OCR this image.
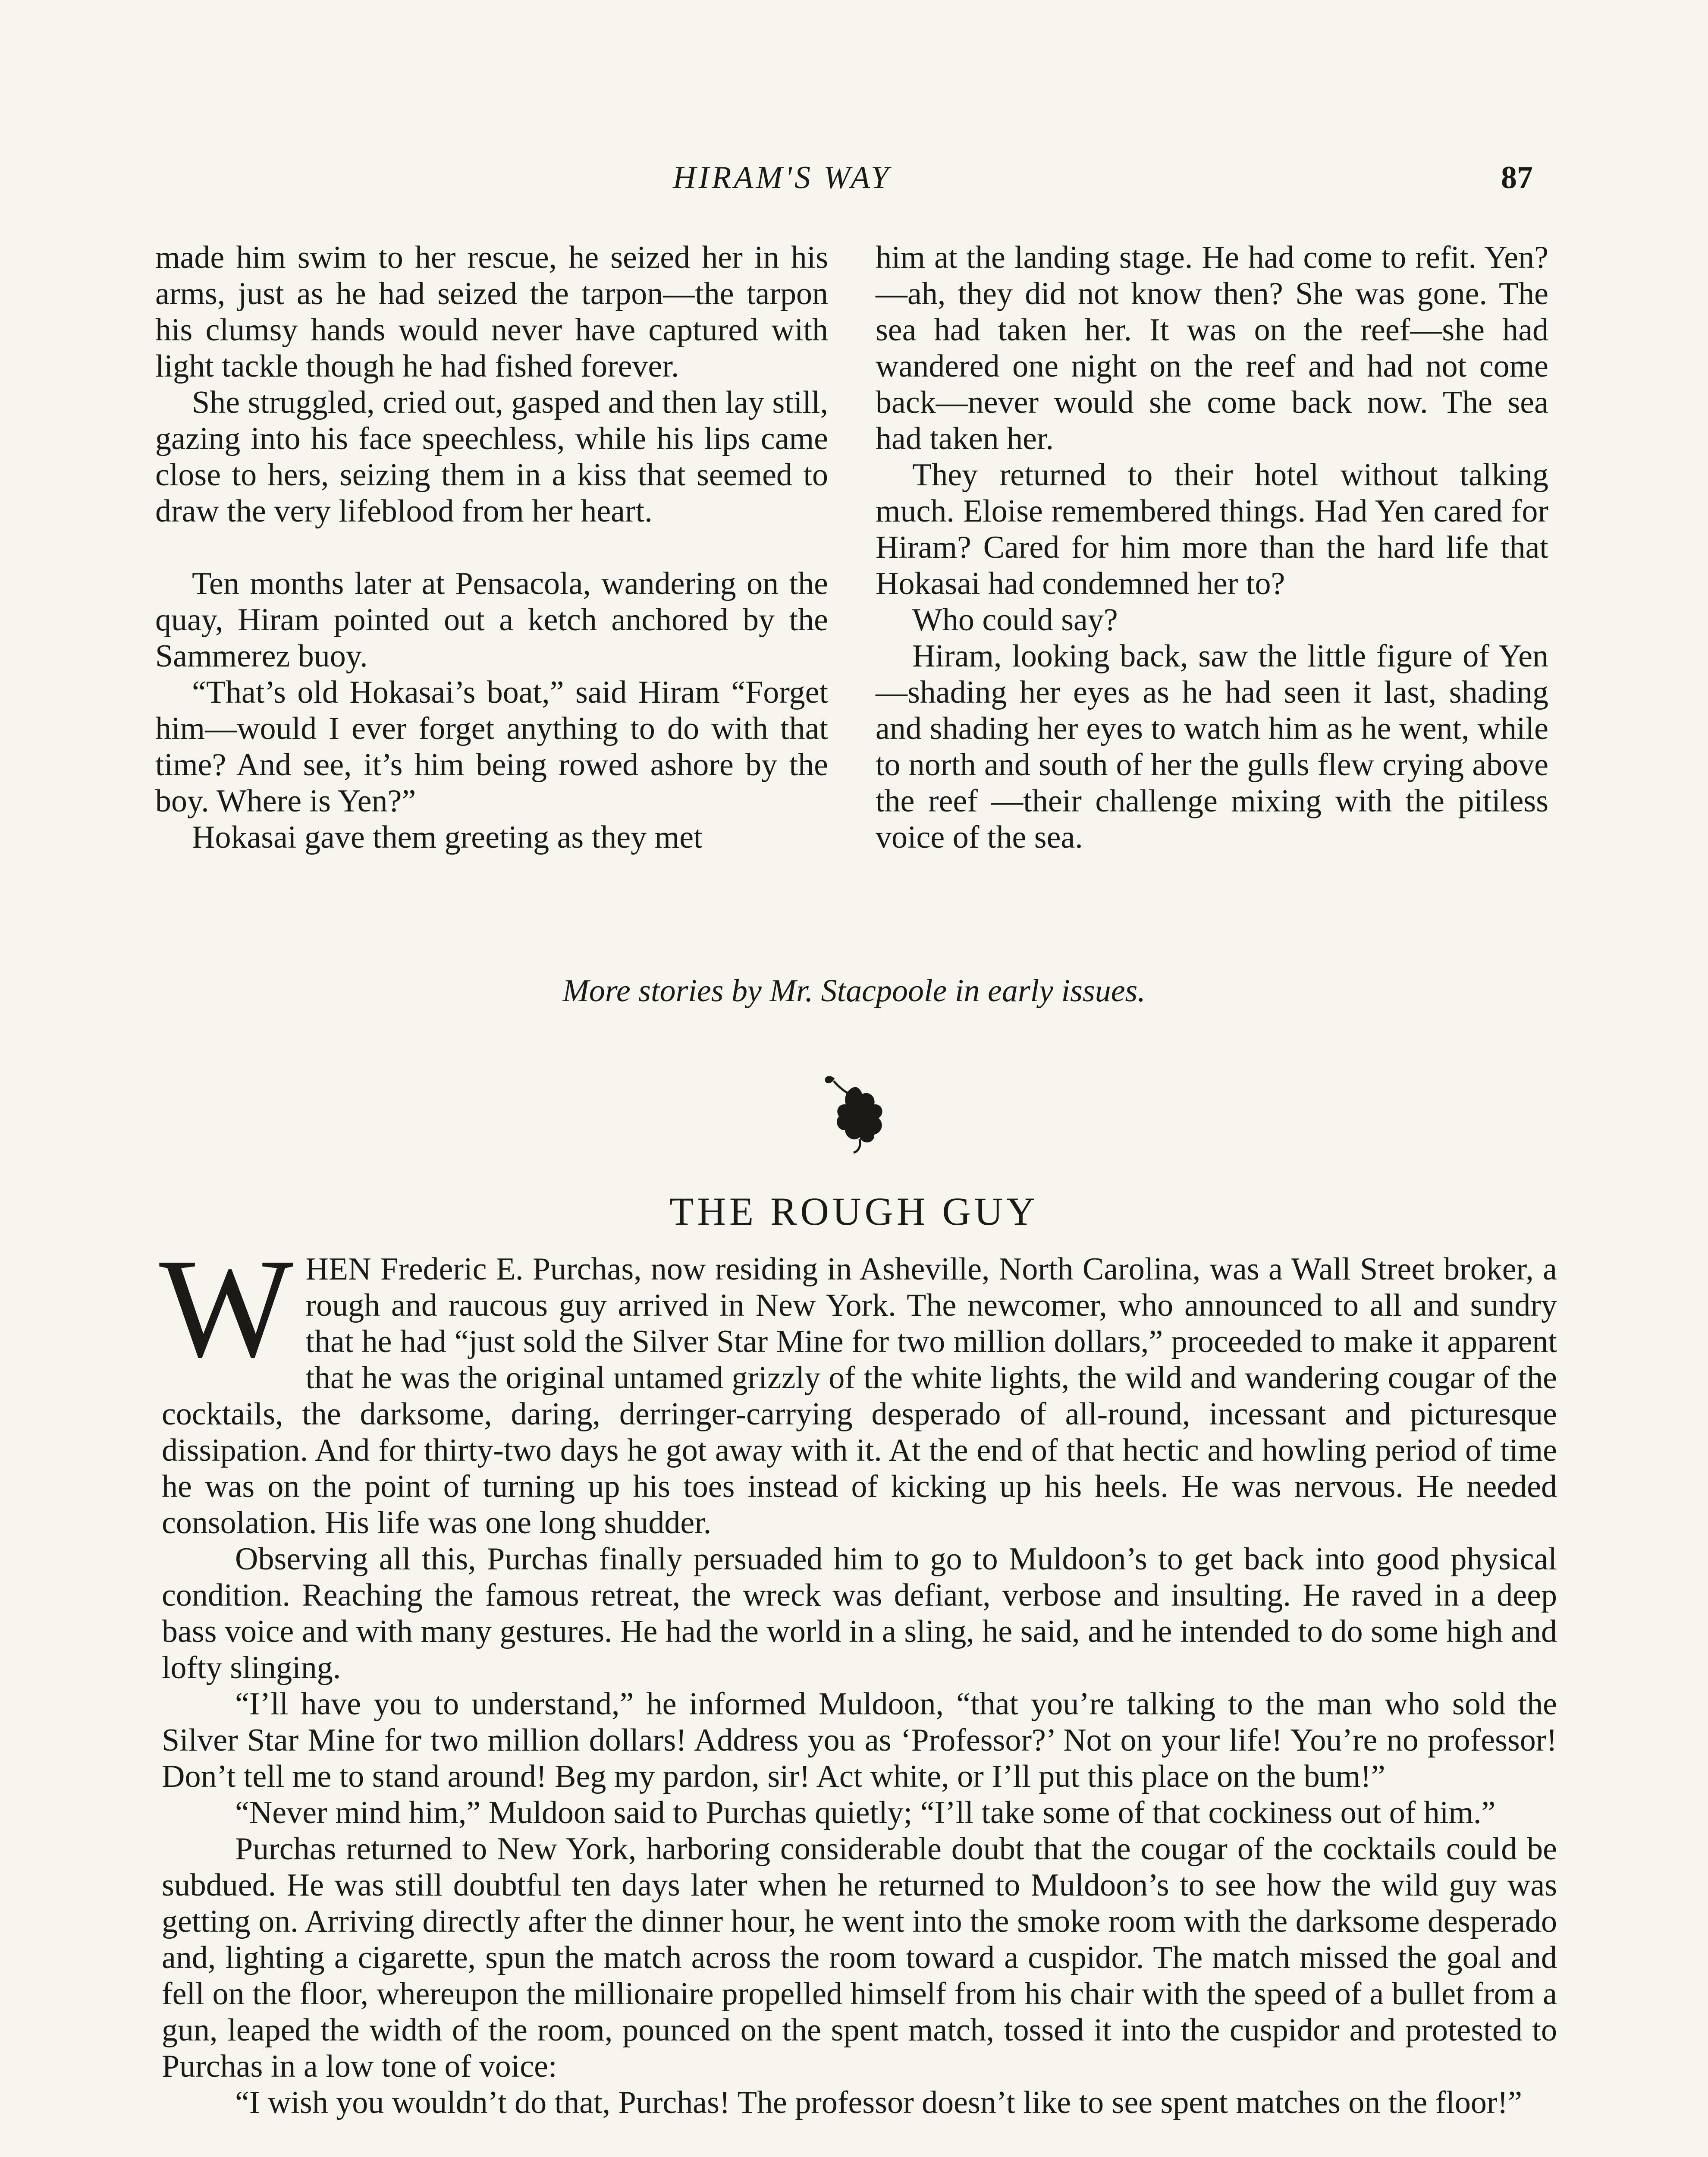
HIRAM'S WAY	87

made him swim to her rescue, he seized her in his arms, just as he had seized the tarpon—the tarpon his clumsy hands would never have captured with light tackle though he had fished forever.

She struggled, cried out, gasped and then lay still, gazing into his face speechless, while his lips came close to hers, seizing them in a kiss that seemed to draw the very lifeblood from her heart.

Ten months later at Pensacola, wandering on the quay, Hiram pointed out a ketch anchored by the Sammerez buoy.

“That’s old Hokasai’s boat,” said Hiram “Forget him—would I ever forget anything to do with that time? And see, it’s him being rowed ashore by the boy. Where is Yen?”

Hokasai gave them greeting as they met

him at the landing stage. He had come to refit. Yen?—ah, they did not know then? She was gone. The sea had taken her. It was on the reef—she had wandered one night on the reef and had not come back—never would she come back now. The sea had taken her.

They returned to their hotel without talking much. Eloise remembered things. Had Yen cared for Hiram? Cared for him more than the hard life that Hokasai had condemned her to?

Who could say?

Hiram, looking back, saw the little figure of Yen—shading her eyes as he had seen it last, shading and shading her eyes to watch him as he went, while to north and south of her the gulls flew crying above the reef —their challenge mixing with the pitiless voice of the sea.

More stories by Mr. Stacpoole in early issues.
THE ROUGH GUY

WHEN Frederic E. Purchas, now residing in Asheville, North Carolina, was a Wall Street broker, a rough and raucous guy arrived in New York. The newcomer, who announced to all and sundry that he had “just sold the Silver Star Mine for two million dollars,” proceeded to make it apparent that he was the original untamed grizzly of the white lights, the wild and wandering cougar of the cocktails, the darksome, daring, derringer-carrying desperado of all-round, incessant and picturesque dissipation. And for thirty-two days he got away with it. At the end of that hectic and howling period of time he was on the point of turning up his toes instead of kicking up his heels. He was nervous. He needed consolation. His life was one long shudder.

Observing all this, Purchas finally persuaded him to go to Muldoon’s to get back into good physical condition. Reaching the famous retreat, the wreck was defiant, verbose and insulting. He raved in a deep bass voice and with many gestures. He had the world in a sling, he said, and he intended to do some high and lofty slinging.

“I’ll have you to understand,” he informed Muldoon, “that you’re talking to the man who sold the Silver Star Mine for two million dollars! Address you as ‘Professor?’ Not on your life! You’re no professor! Don’t tell me to stand around! Beg my pardon, sir! Act white, or I’ll put this place on the bum!”

“Never mind him,” Muldoon said to Purchas quietly; “I’ll take some of that cockiness out of him.”

Purchas returned to New York, harboring considerable doubt that the cougar of the cocktails could be subdued. He was still doubtful ten days later when he returned to Muldoon’s to see how the wild guy was getting on. Arriving directly after the dinner hour, he went into the smoke room with the darksome desperado and, lighting a cigarette, spun the match across the room toward a cuspidor. The match missed the goal and fell on the floor, whereupon the millionaire propelled himself from his chair with the speed of a bullet from a gun, leaped the width of the room, pounced on the spent match, tossed it into the cuspidor and protested to Purchas in a low tone of voice:

“I wish you wouldn’t do that, Purchas! The professor doesn’t like to see spent matches on the floor!”
